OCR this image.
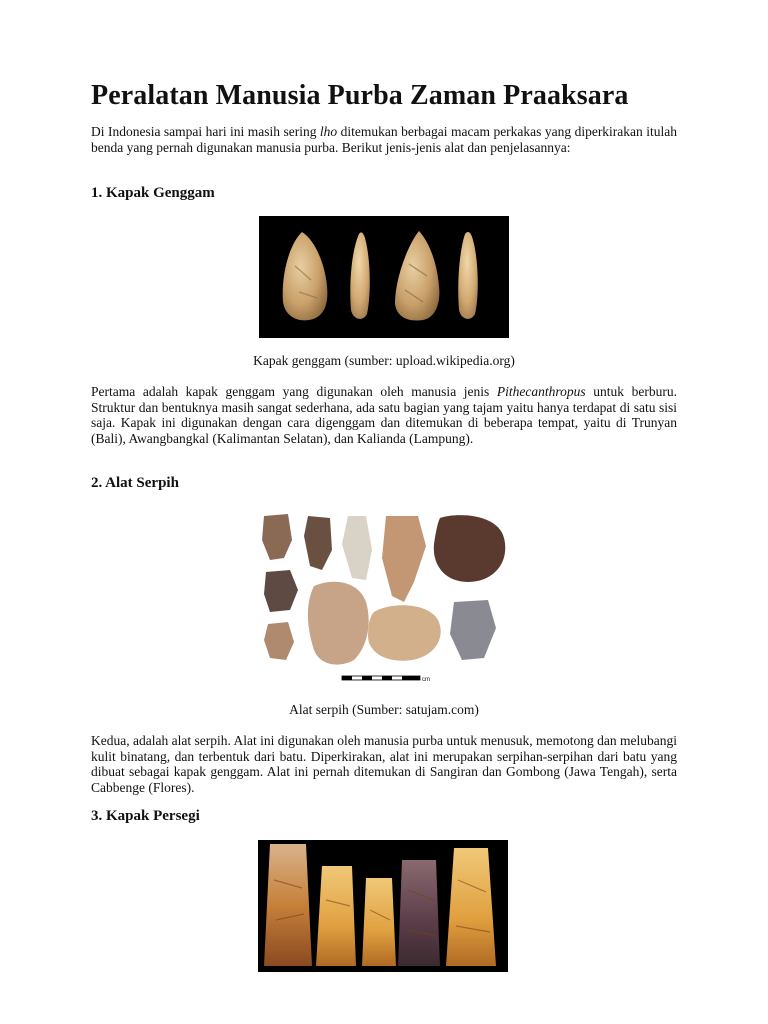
Peralatan Manusia Purba Zaman Praaksara

Di Indonesia sampai hari ini masih sering lho ditemukan berbagai macam perkakas yang diperkirakan itulah benda yang pernah digunakan manusia purba. Berikut jenis-jenis alat dan penjelasannya:

1. Kapak Genggam

Kapak genggam (sumber: upload.wikipedia.org)

Pertama adalah kapak genggam yang digunakan oleh manusia jenis Pithecanthropus untuk berburu. Struktur dan bentuknya masih sangat sederhana, ada satu bagian yang tajam yaitu hanya terdapat di satu sisi saja. Kapak ini digunakan dengan cara digenggam dan ditemukan di beberapa tempat, yaitu di Trunyan (Bali), Awangbangkal (Kalimantan Selatan), dan Kalianda (Lampung).

2. Alat Serpih
cm

Alat serpih (Sumber: satujam.com)

Kedua, adalah alat serpih. Alat ini digunakan oleh manusia purba untuk menusuk, memotong dan melubangi kulit binatang, dan terbentuk dari batu. Diperkirakan, alat ini merupakan serpihan-serpihan dari batu yang dibuat sebagai kapak genggam. Alat ini pernah ditemukan di Sangiran dan Gombong (Jawa Tengah), serta Cabbenge (Flores).

3. Kapak Persegi
